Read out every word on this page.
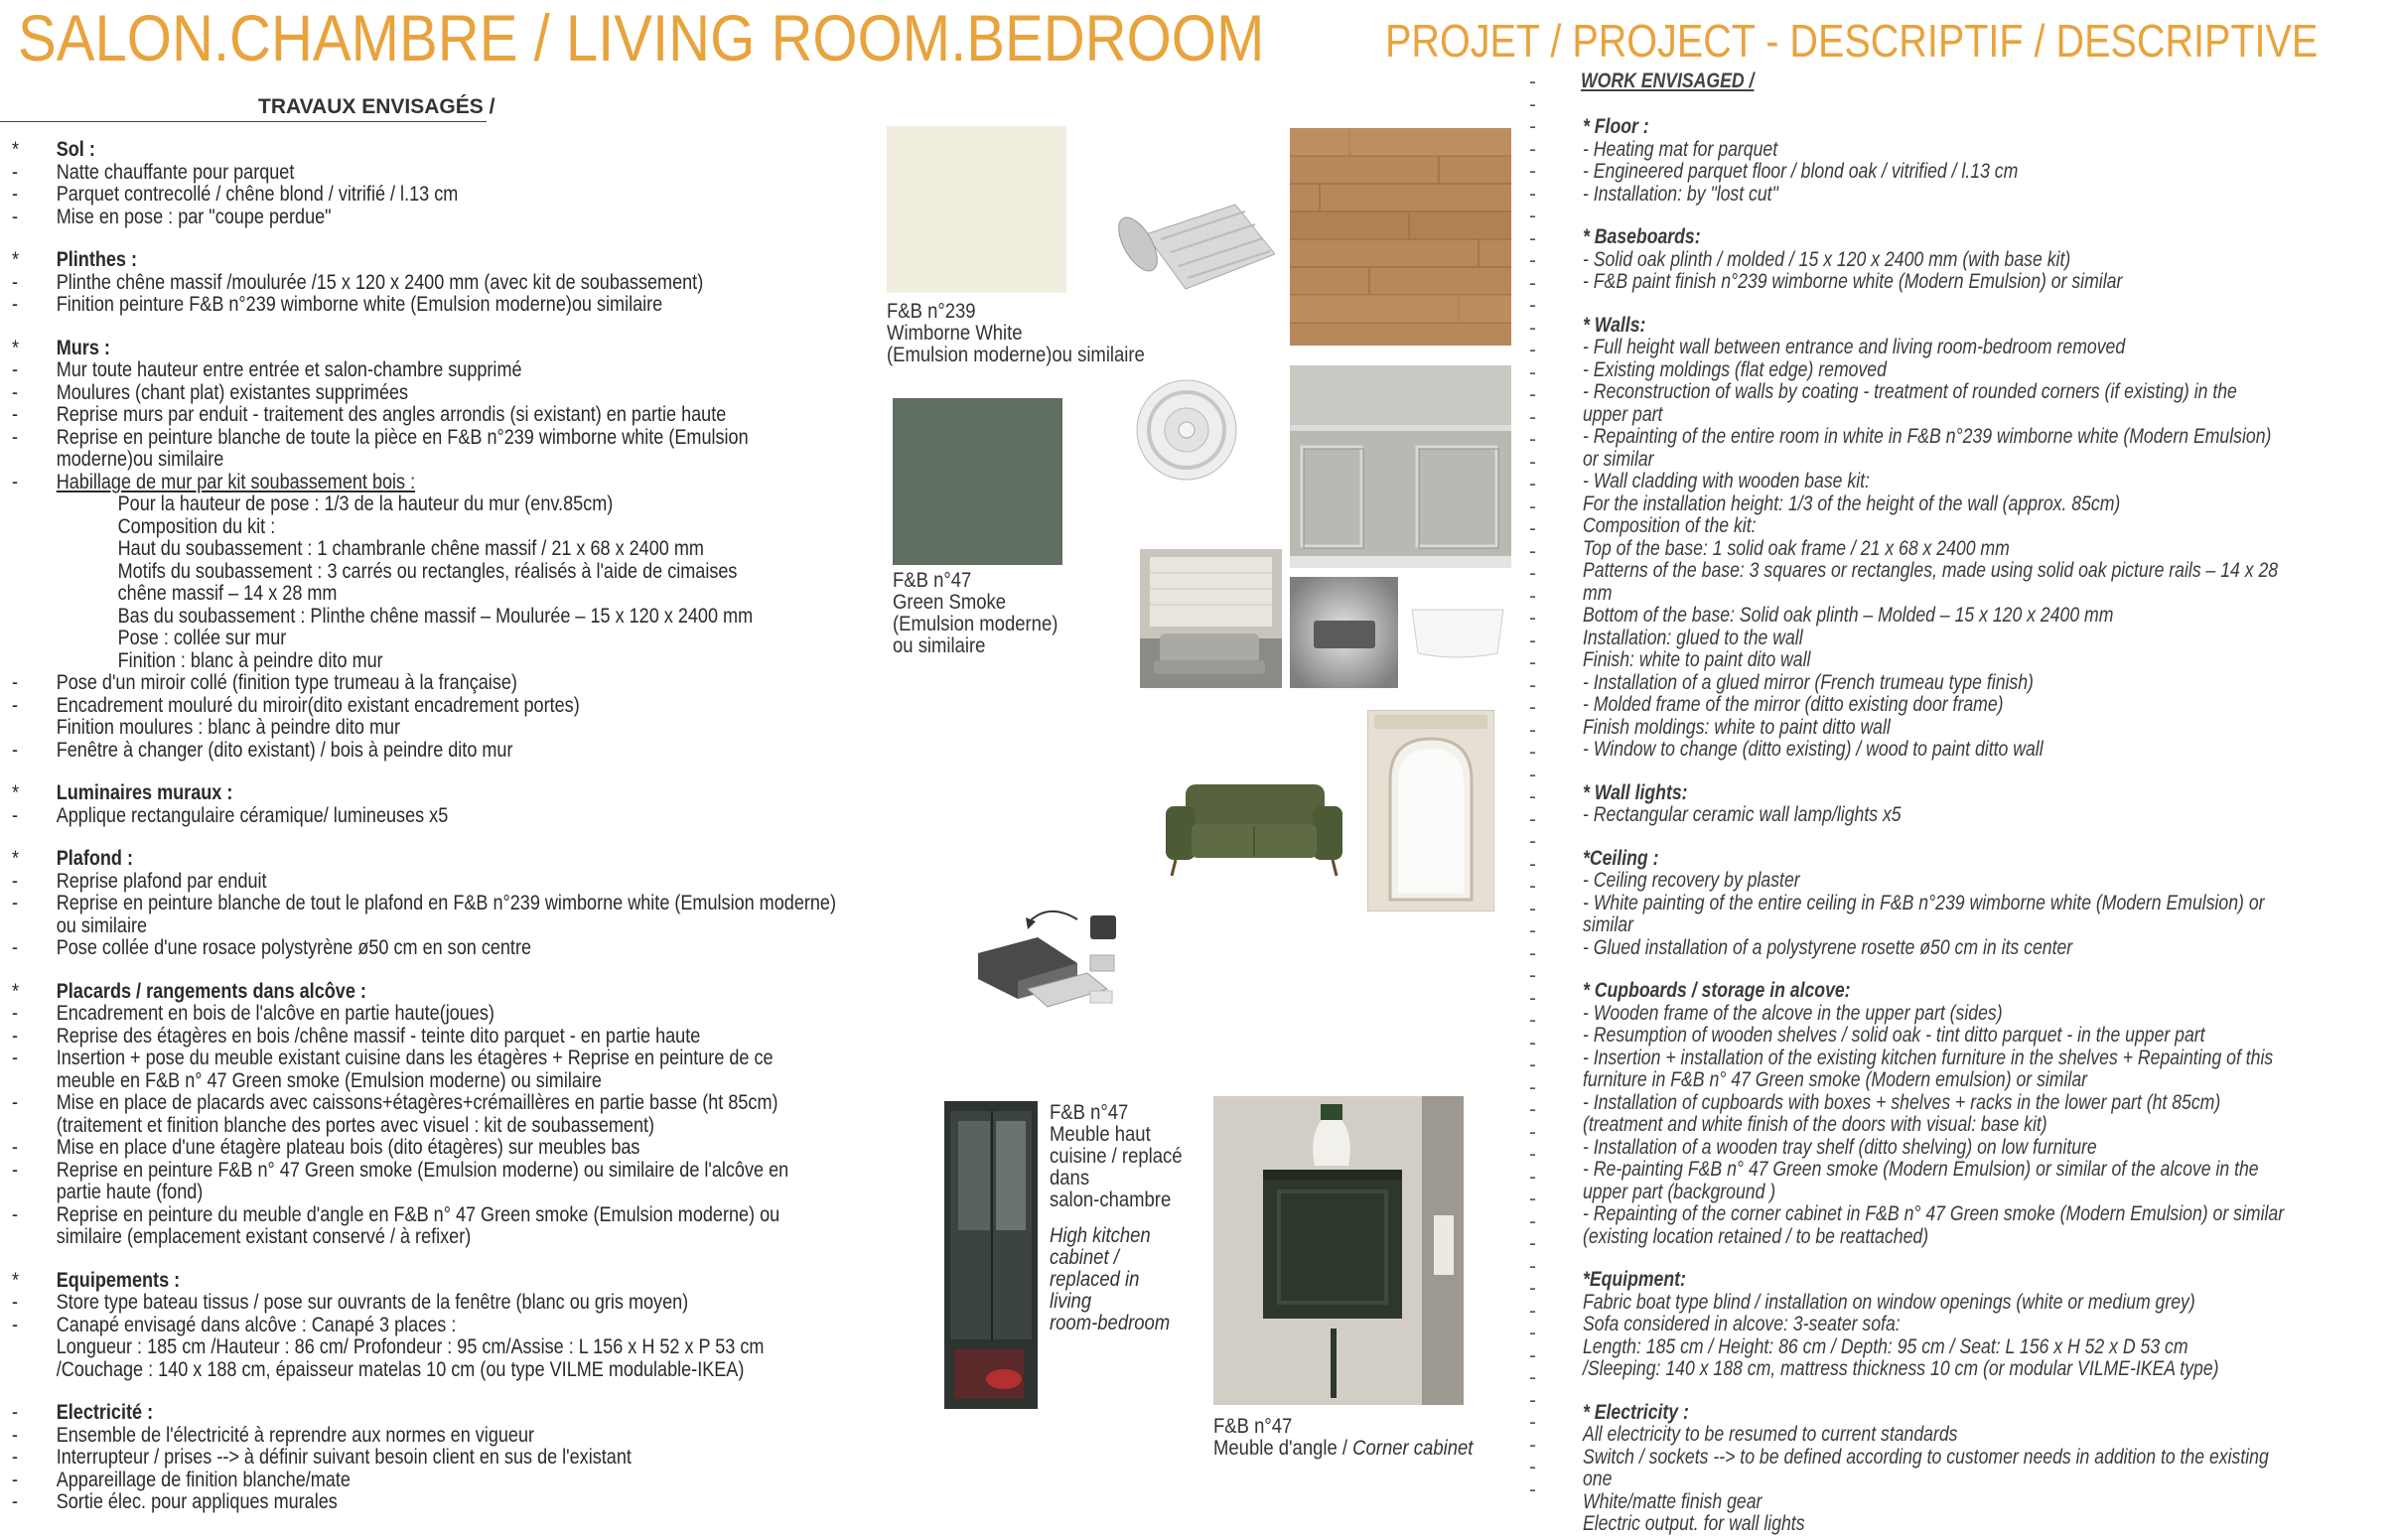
SALON.CHAMBRE / LIVING ROOM.BEDROOM	PROJET / PROJECT - DESCRIPTIF / DESCRIPTIVE
TRAVAUX ENVISAGÉS /
* Sol :
- Natte chauffante pour parquet
- Parquet contrecollé / chêne blond / vitrifié / l.13 cm
- Mise en pose : par "coupe perdue"
* Plinthes :
- Plinthe chêne massif /moulurée /15 x 120 x 2400 mm (avec kit de soubassement)
- Finition peinture F&B n°239 wimborne white (Emulsion moderne)ou similaire
* Murs :
- Mur toute hauteur entre entrée et salon-chambre supprimé
- Moulures (chant plat) existantes supprimées
- Reprise murs par enduit - traitement des angles arrondis (si existant) en partie haute
- Reprise en peinture blanche de toute la pièce en F&B n°239 wimborne white (Emulsion
moderne)ou similaire
- Habillage de mur par kit soubassement bois :
Pour la hauteur de pose : 1/3 de la hauteur du mur (env.85cm)
Composition du kit :
Haut du soubassement : 1 chambranle chêne massif / 21 x 68 x 2400 mm
Motifs du soubassement : 3 carrés ou rectangles, réalisés à l'aide de cimaises
chêne massif – 14 x 28 mm
Bas du soubassement : Plinthe chêne massif – Moulurée – 15 x 120 x 2400 mm
Pose : collée sur mur
Finition : blanc à peindre dito mur
- Pose d'un miroir collé (finition type trumeau à la française)
- Encadrement mouluré du miroir(dito existant encadrement portes)
Finition moulures : blanc à peindre dito mur
- Fenêtre à changer (dito existant) / bois à peindre dito mur
* Luminaires muraux :
- Applique rectangulaire céramique/ lumineuses x5
* Plafond :
- Reprise plafond par enduit
- Reprise en peinture blanche de tout le plafond en F&B n°239 wimborne white (Emulsion moderne)
ou similaire
- Pose collée d'une rosace polystyrène ø50 cm en son centre
* Placards / rangements dans alcôve :
- Encadrement en bois de l'alcôve en partie haute(joues)
- Reprise des étagères en bois /chêne massif - teinte dito parquet - en partie haute
- Insertion + pose du meuble existant cuisine dans les étagères + Reprise en peinture de ce
meuble en F&B n° 47 Green smoke (Emulsion moderne) ou similaire
- Mise en place de placards avec caissons+étagères+crémaillères en partie basse (ht 85cm)
(traitement et finition blanche des portes avec visuel : kit de soubassement)
- Mise en place d'une étagère plateau bois (dito étagères) sur meubles bas
- Reprise en peinture F&B n° 47 Green smoke (Emulsion moderne) ou similaire de l'alcôve en
partie haute (fond)
- Reprise en peinture du meuble d'angle en F&B n° 47 Green smoke (Emulsion moderne) ou
similaire (emplacement existant conservé / à refixer)
* Equipements :
- Store type bateau tissus / pose sur ouvrants de la fenêtre (blanc ou gris moyen)
- Canapé envisagé dans alcôve : Canapé 3 places :
Longueur : 185 cm /Hauteur : 86 cm/ Profondeur : 95 cm/Assise : L 156 x H 52 x P 53 cm
/Couchage : 140 x 188 cm, épaisseur matelas 10 cm (ou type VILME modulable-IKEA)
- Electricité :
- Ensemble de l'électricité à reprendre aux normes en vigueur
- Interrupteur / prises --> à définir suivant besoin client en sus de l'existant
- Appareillage de finition blanche/mate
- Sortie élec. pour appliques murales
WORK ENVISAGED /
* Floor :
- Heating mat for parquet
- Engineered parquet floor / blond oak / vitrified / l.13 cm
- Installation: by "lost cut"
* Baseboards:
- Solid oak plinth / molded / 15 x 120 x 2400 mm (with base kit)
- F&B paint finish n°239 wimborne white (Modern Emulsion) or similar
* Walls:
- Full height wall between entrance and living room-bedroom removed
- Existing moldings (flat edge) removed
- Reconstruction of walls by coating - treatment of rounded corners (if existing) in the
upper part
- Repainting of the entire room in white in F&B n°239 wimborne white (Modern Emulsion)
or similar
- Wall cladding with wooden base kit:
For the installation height: 1/3 of the height of the wall (approx. 85cm)
Composition of the kit:
Top of the base: 1 solid oak frame / 21 x 68 x 2400 mm
Patterns of the base: 3 squares or rectangles, made using solid oak picture rails – 14 x 28
mm
Bottom of the base: Solid oak plinth – Molded – 15 x 120 x 2400 mm
Installation: glued to the wall
Finish: white to paint dito wall
- Installation of a glued mirror (French trumeau type finish)
- Molded frame of the mirror (ditto existing door frame)
Finish moldings: white to paint ditto wall
- Window to change (ditto existing) / wood to paint ditto wall
* Wall lights:
- Rectangular ceramic wall lamp/lights x5
*Ceiling :
- Ceiling recovery by plaster
- White painting of the entire ceiling in F&B n°239 wimborne white (Modern Emulsion) or
similar
- Glued installation of a polystyrene rosette ø50 cm in its center
* Cupboards / storage in alcove:
- Wooden frame of the alcove in the upper part (sides)
- Resumption of wooden shelves / solid oak - tint ditto parquet - in the upper part
- Insertion + installation of the existing kitchen furniture in the shelves + Repainting of this
furniture in F&B n° 47 Green smoke (Modern emulsion) or similar
- Installation of cupboards with boxes + shelves + racks in the lower part (ht 85cm)
(treatment and white finish of the doors with visual: base kit)
- Installation of a wooden tray shelf (ditto shelving) on low furniture
- Re-painting F&B n° 47 Green smoke (Modern Emulsion) or similar of the alcove in the
upper part (background )
- Repainting of the corner cabinet in F&B n° 47 Green smoke (Modern Emulsion) or similar
(existing location retained / to be reattached)
*Equipment:
Fabric boat type blind / installation on window openings (white or medium grey)
Sofa considered in alcove: 3-seater sofa:
Length: 185 cm / Height: 86 cm / Depth: 95 cm / Seat: L 156 x H 52 x D 53 cm
/Sleeping: 140 x 188 cm, mattress thickness 10 cm (or modular VILME-IKEA type)
* Electricity :
All electricity to be resumed to current standards
Switch / sockets --> to be defined according to customer needs in addition to the existing
one
White/matte finish gear
Electric output. for wall lights
-
-
-
-
-
-
-
-
-
-
-
-
-
-
-
-
-
-
-
-
-
-
-
-
-
-
-
-
-
-
-
-
-
-
-
-
-
-
-
-
-
-
-
-
-
-
-
-
-
-
-
-
-
-
-
-
-
-
-
-
-
-
-
-
F&B n°239
Wimborne White
(Emulsion moderne)ou similaire
F&B n°47
Green Smoke
(Emulsion moderne)
ou similaire
F&B n°47
Meuble haut
cuisine / replacé
dans
salon-chambre
High kitchen
cabinet /
replaced in
living
room-bedroom
F&B n°47
Meuble d'angle / Corner cabinet
